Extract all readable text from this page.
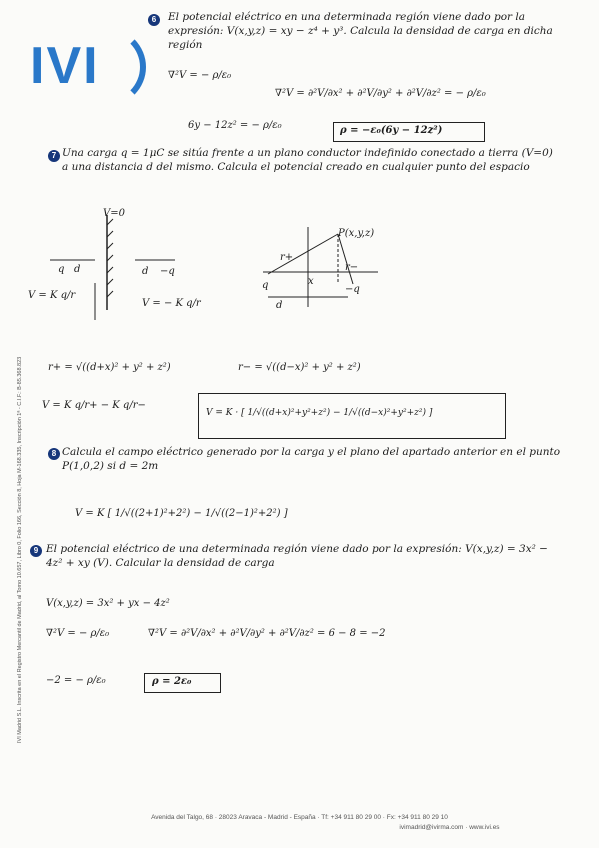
IVI
IVI Madrid S.L. Inscrita en el Registro Mercantil de Madrid, al Tomo 10.657, Libro 0, Folio 166, Sección 8, Hoja M-168.335, Inscripción 1ª - C.I.F.: B-85.368.823
6	El potencial eléctrico en una determinada región viene dado por la expresión: V(x,y,z) = xy − z⁴ + y³. Calcula la densidad de carga en dicha región
∇²V = − ρ/ε₀
∇²V = ∂²V/∂x² + ∂²V/∂y² + ∂²V/∂z² = − ρ/ε₀
6y − 12z² = − ρ/ε₀	ρ = −ε₀(6y − 12z²)
7 Una carga q = 1μC se sitúa frente a un plano conductor indefinido conectado a tierra (V=0) a una distancia d del mismo. Calcula el potencial creado en cualquier punto del espacio
V=0
q d	d −q
V = K q/r
V = − K q/r
P(x,y,z)
r+
r−
x
q	−q
d
r+ = √((d+x)² + y² + z²)	r− = √((d−x)² + y² + z²)
V = K q/r+ − K q/r−
V = K · [ 1/√((d+x)²+y²+z²) − 1/√((d−x)²+y²+z²) ]
8 Calcula el campo eléctrico generado por la carga y el plano del apartado anterior en el punto P(1,0,2) si d = 2m
V = K [ 1/√((2+1)²+2²) − 1/√((2−1)²+2²) ]
9 El potencial eléctrico de una determinada región viene dado por la expresión: V(x,y,z) = 3x² − 4z² + xy (V). Calcular la densidad de carga
V(x,y,z) = 3x² + yx − 4z²
∇²V = − ρ/ε₀	∇²V = ∂²V/∂x² + ∂²V/∂y² + ∂²V/∂z² = 6 − 8 = −2
−2 = − ρ/ε₀	ρ = 2ε₀
Avenida del Talgo, 68 · 28023 Aravaca - Madrid - España · Tf: +34 911 80 29 00 · Fx: +34 911 80 29 10
ivimadrid@ivirma.com · www.ivi.es
